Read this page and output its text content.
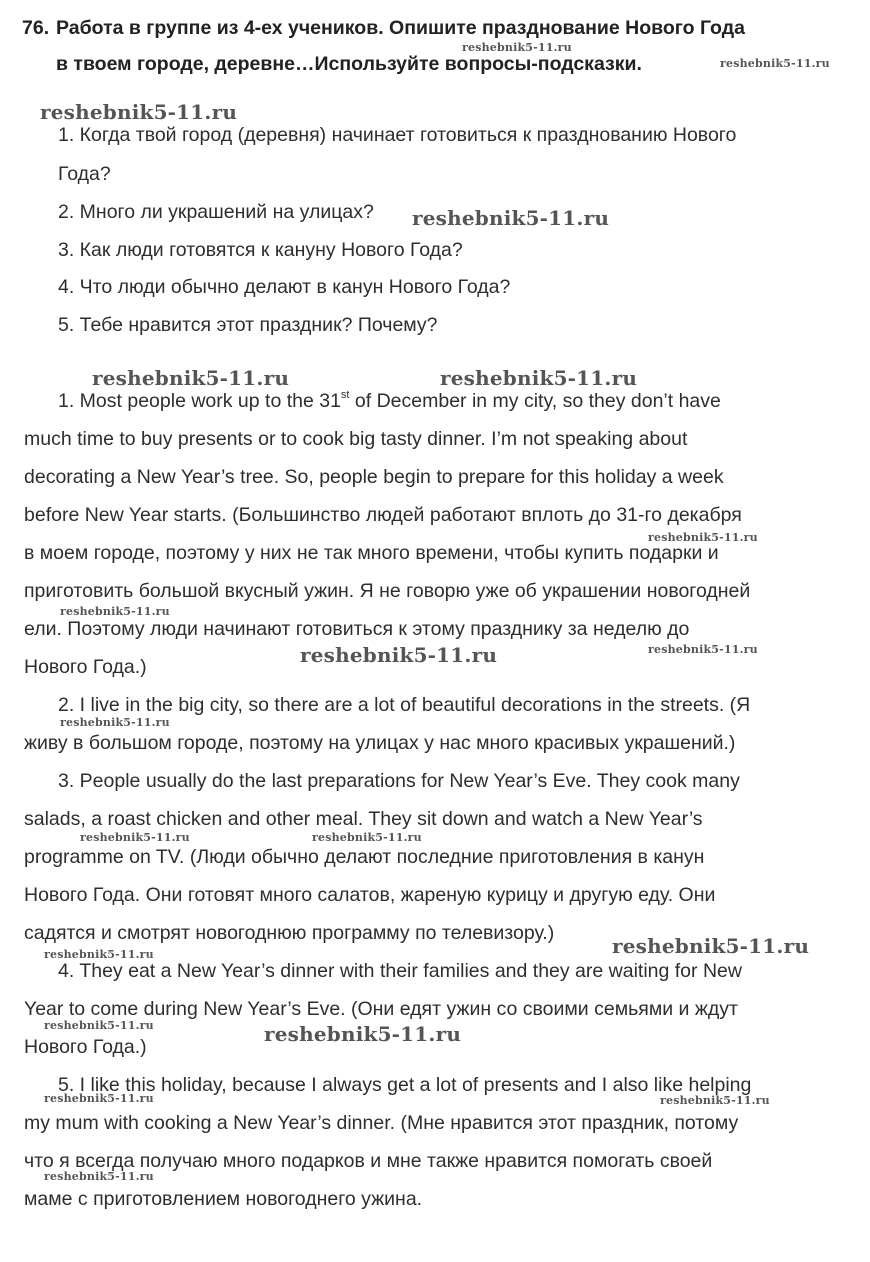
76. Работа в группе из 4-ех учеников. Опишите празднование Нового Года
в твоем городе, деревне…Используйте вопросы-подсказки.
1. Когда твой город (деревня) начинает готовиться к празднованию Нового
Года?
2. Много ли украшений на улицах?
3. Как люди готовятся к кануну Нового Года?
4. Что люди обычно делают в канун Нового Года?
5. Тебе нравится этот праздник? Почему?
1. Most people work up to the 31st of December in my city, so they don’t have
much time to buy presents or to cook big tasty dinner. I’m not speaking about
decorating a New Year’s tree. So, people begin to prepare for this holiday a week
before New Year starts. (Большинство людей работают вплоть до 31-го декабря
в моем городе, поэтому у них не так много времени, чтобы купить подарки и
приготовить большой вкусный ужин. Я не говорю уже об украшении новогодней
ели. Поэтому люди начинают готовиться к этому празднику за неделю до
Нового Года.)
2. I live in the big city, so there are a lot of beautiful decorations in the streets. (Я
живу в большом городе, поэтому на улицах у нас много красивых украшений.)
3. People usually do the last preparations for New Year’s Eve. They cook many
salads, a roast chicken and other meal. They sit down and watch a New Year’s
programme on TV. (Люди обычно делают последние приготовления в канун
Нового Года. Они готовят много салатов, жареную курицу и другую еду. Они
садятся и смотрят новогоднюю программу по телевизору.)
4. They eat a New Year’s dinner with their families and they are waiting for New
Year to come during New Year’s Eve. (Они едят ужин со своими семьями и ждут
Нового Года.)
5. I like this holiday, because I always get a lot of presents and I also like helping
my mum with cooking a New Year’s dinner. (Мне нравится этот праздник, потому
что я всегда получаю много подарков и мне также нравится помогать своей
маме с приготовлением новогоднего ужина.
reshebnik5-11.ru
reshebnik5-11.ru
reshebnik5-11.ru
reshebnik5-11.ru
reshebnik5-11.ru	reshebnik5-11.ru
reshebnik5-11.ru
reshebnik5-11.ru
reshebnik5-11.ru	reshebnik5-11.ru
reshebnik5-11.ru
reshebnik5-11.ru	reshebnik5-11.ru
reshebnik5-11.ru	reshebnik5-11.ru
reshebnik5-11.ru	reshebnik5-11.ru
reshebnik5-11.ru	reshebnik5-11.ru
reshebnik5-11.ru
